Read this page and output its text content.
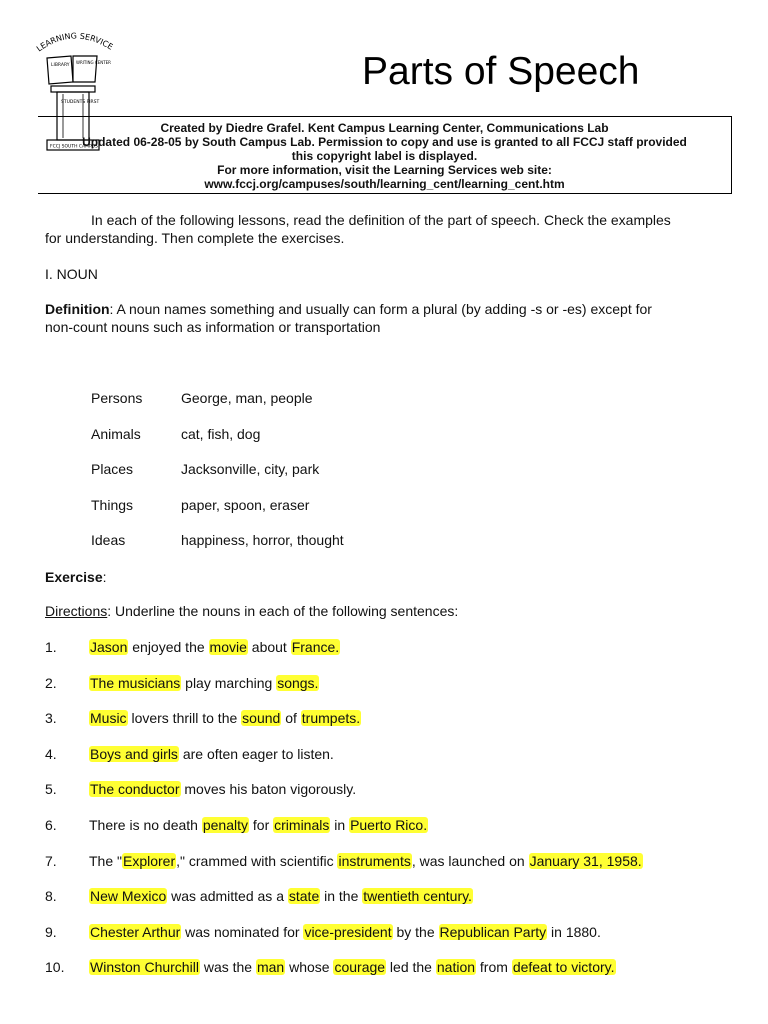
LEARNING SERVIC
LIBRARY
WRITING CENTER
STUDENTS FIRST
FCCJ SOUTH CAMPUS
Parts of Speech
Created by Diedre Grafel. Kent Campus Learning Center, Communications Lab
Updated 06-28-05 by South Campus Lab. Permission to copy and use is granted to all FCCJ staff provided
this copyright label is displayed.
For more information, visit the Learning Services web site:
www.fccj.org/campuses/south/learning_cent/learning_cent.htm
In each of the following lessons, read the definition of the part of speech. Check the examples
for understanding. Then complete the exercises.
I. NOUN
Definition: A noun names something and usually can form a plural (by adding -s or -es) except for
non-count nouns such as information or transportation
Persons	George, man, people
Animals	cat, fish, dog
Places	Jacksonville, city, park
Things	paper, spoon, eraser
Ideas	happiness, horror, thought
Exercise:
Directions: Underline the nouns in each of the following sentences:
1. Jason enjoyed the movie about France.
2. The musicians play marching songs.
3. Music lovers thrill to the sound of trumpets.
4. Boys and girls are often eager to listen.
5. The conductor moves his baton vigorously.
6. There is no death penalty for criminals in Puerto Rico.
7. The "Explorer," crammed with scientific instruments, was launched on January 31, 1958.
8. New Mexico was admitted as a state in the twentieth century.
9. Chester Arthur was nominated for vice-president by the Republican Party in 1880.
10. Winston Churchill was the man whose courage led the nation from defeat to victory.
